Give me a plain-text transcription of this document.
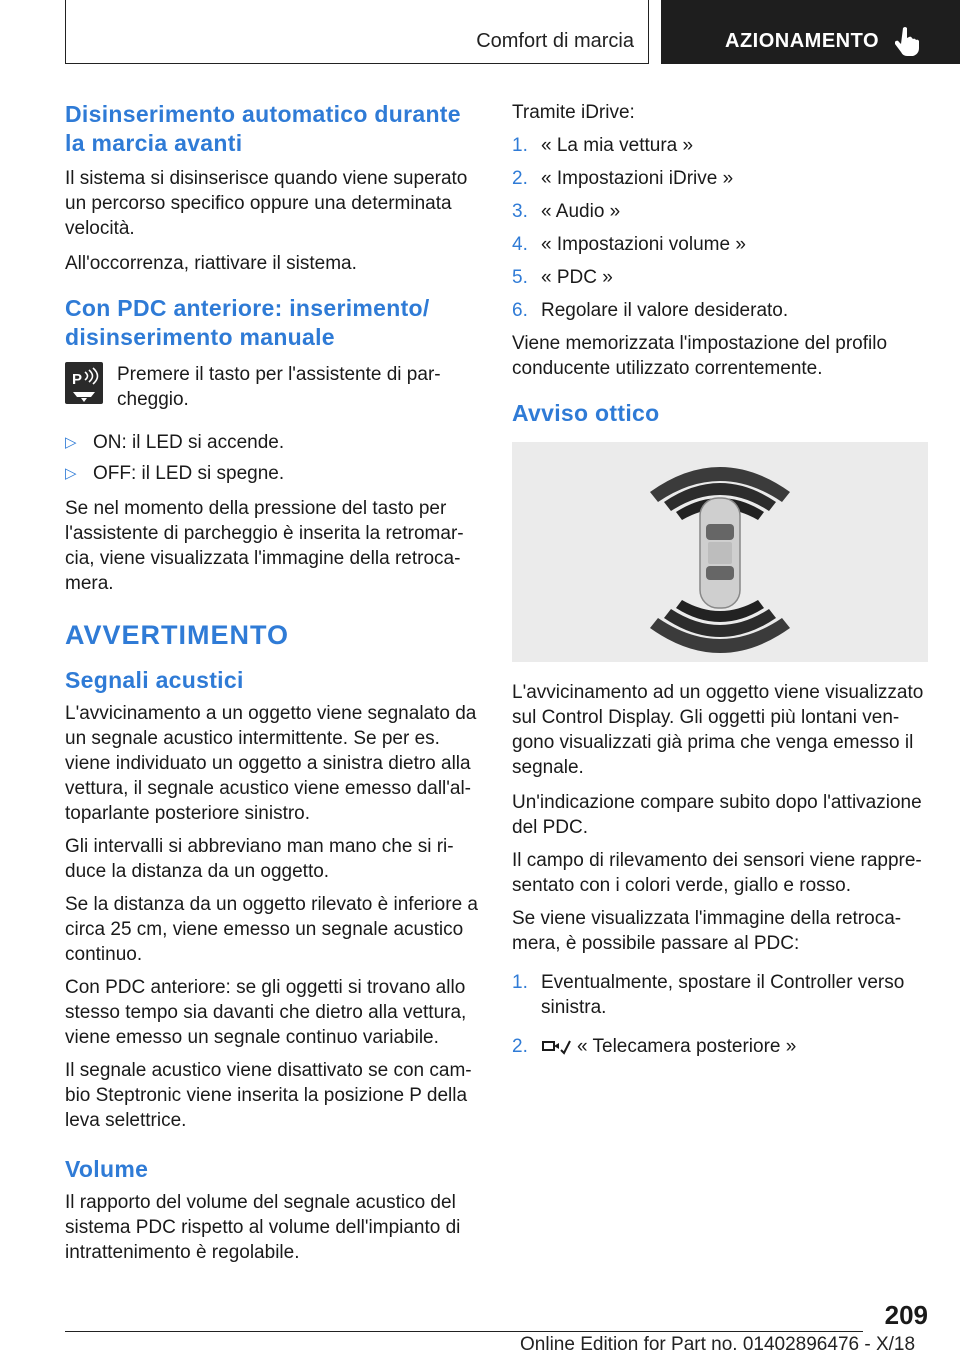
Comfort di marcia	AZIONAMENTO
Disinserimento automatico durante la marcia avanti

Il sistema si disinserisce quando viene superato un percorso specifico oppure una determinata velocità.

All'occorrenza, riattivare il sistema.

Con PDC anteriore: inserimento/ disinserimento manuale
P Premere il tasto per l'assistente di par-cheggio.

▷ ON: il LED si accende.
▷ OFF: il LED si spegne.

Se nel momento della pressione del tasto per l'assistente di parcheggio è inserita la retromar-cia, viene visualizzata l'immagine della retroca-mera.

AVVERTIMENTO
Segnali acustici

L'avvicinamento a un oggetto viene segnalato da un segnale acustico intermittente. Se per es. viene individuato un oggetto a sinistra dietro alla vettura, il segnale acustico viene emesso dall'al-toparlante posteriore sinistro.

Gli intervalli si abbreviano man mano che si ri-duce la distanza da un oggetto.

Se la distanza da un oggetto rilevato è inferiore a circa 25 cm, viene emesso un segnale acustico continuo.

Con PDC anteriore: se gli oggetti si trovano allo stesso tempo sia davanti che dietro alla vettura, viene emesso un segnale continuo variabile.

Il segnale acustico viene disattivato se con cam-bio Steptronic viene inserita la posizione P della leva selettrice.

Volume

Il rapporto del volume del segnale acustico del sistema PDC rispetto al volume dell'impianto di intrattenimento è regolabile.

Tramite iDrive:

1. « La mia vettura »
2. « Impostazioni iDrive »
3. « Audio »
4. « Impostazioni volume »
5. « PDC »
6. Regolare il valore desiderato.

Viene memorizzata l'impostazione del profilo conducente utilizzato correntemente.

Avviso ottico

L'avvicinamento ad un oggetto viene visualizzato sul Control Display. Gli oggetti più lontani ven-gono visualizzati già prima che venga emesso il segnale.

Un'indicazione compare subito dopo l'attivazione del PDC.

Il campo di rilevamento dei sensori viene rappre-sentato con i colori verde, giallo e rosso.

Se viene visualizzata l'immagine della retroca-mera, è possibile passare al PDC:

1. Eventualmente, spostare il Controller verso sinistra.
2.	« Telecamera posteriore »
209
Online Edition for Part no. 01402896476 - X/18
